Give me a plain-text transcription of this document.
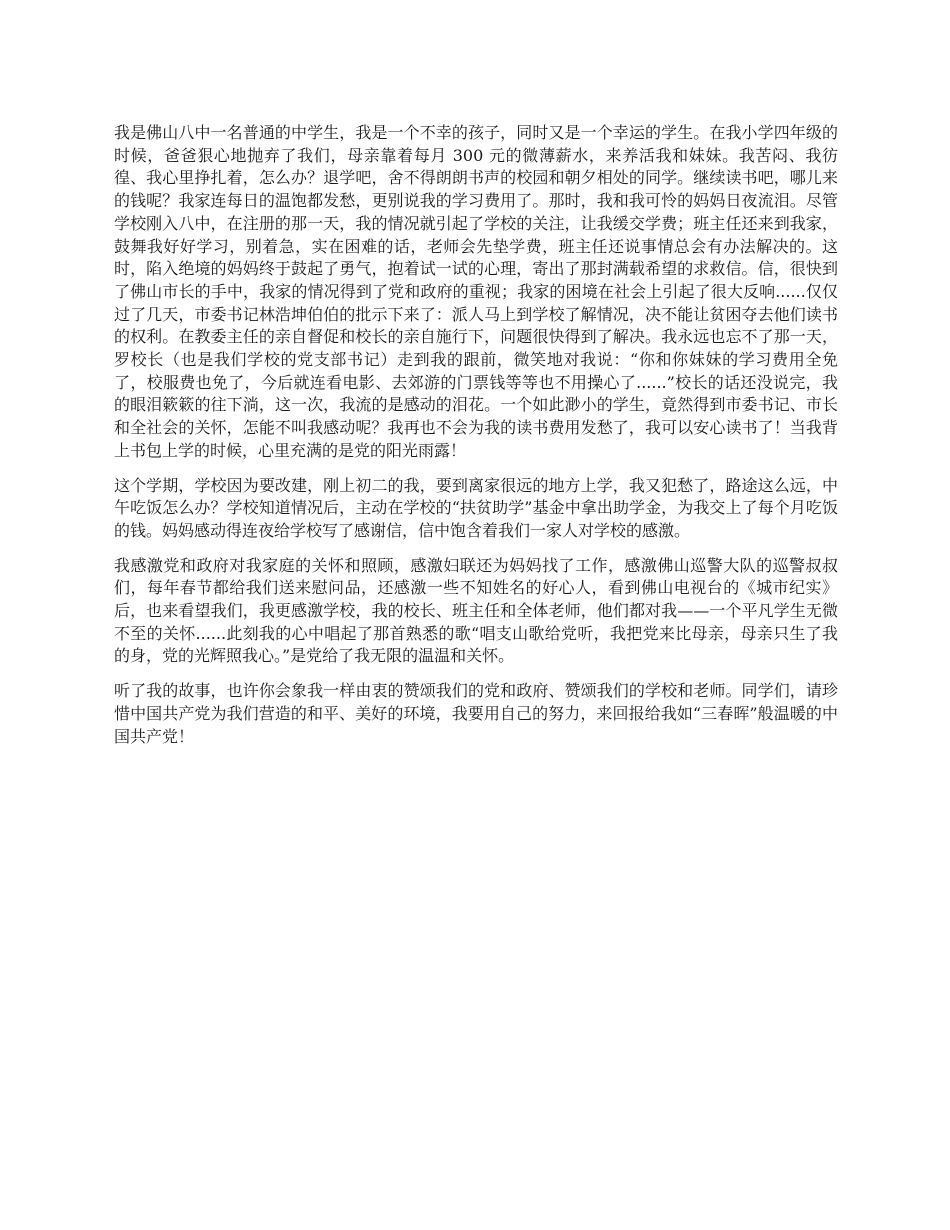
我是佛山八中一名普通的中学生，我是一个不幸的孩子，同时又是一个幸运的学生。在我小学四年级的时候，爸爸狠心地抛弃了我们，母亲靠着每月 300 元的微薄薪水，来养活我和妹妹。我苦闷、我彷徨、我心里挣扎着，怎么办？退学吧，舍不得朗朗书声的校园和朝夕相处的同学。继续读书吧，哪儿来的钱呢？我家连每日的温饱都发愁，更别说我的学习费用了。那时，我和我可怜的妈妈日夜流泪。尽管学校刚入八中，在注册的那一天，我的情况就引起了学校的关注，让我缓交学费；班主任还来到我家，鼓舞我好好学习，别着急，实在困难的话，老师会先垫学费，班主任还说事情总会有办法解决的。这时，陷入绝境的妈妈终于鼓起了勇气，抱着试一试的心理，寄出了那封满载希望的求救信。信，很快到了佛山市长的手中，我家的情况得到了党和政府的重视；我家的困境在社会上引起了很大反响......仅仅过了几天，市委书记林浩坤伯伯的批示下来了：派人马上到学校了解情况，决不能让贫困夺去他们读书的权利。在教委主任的亲自督促和校长的亲自施行下，问题很快得到了解决。我永远也忘不了那一天，罗校长（也是我们学校的党支部书记）走到我的跟前，微笑地对我说：“你和你妹妹的学习费用全免了，校服费也免了，今后就连看电影、去郊游的门票钱等等也不用操心了......”校长的话还没说完，我的眼泪簌簌的往下淌，这一次，我流的是感动的泪花。一个如此渺小的学生，竟然得到市委书记、市长和全社会的关怀，怎能不叫我感动呢？我再也不会为我的读书费用发愁了，我可以安心读书了！当我背上书包上学的时候，心里充满的是党的阳光雨露！

这个学期，学校因为要改建，刚上初二的我，要到离家很远的地方上学，我又犯愁了，路途这么远，中午吃饭怎么办？学校知道情况后，主动在学校的“扶贫助学”基金中拿出助学金，为我交上了每个月吃饭的钱。妈妈感动得连夜给学校写了感谢信，信中饱含着我们一家人对学校的感激。

我感激党和政府对我家庭的关怀和照顾，感激妇联还为妈妈找了工作，感激佛山巡警大队的巡警叔叔们，每年春节都给我们送来慰问品，还感激一些不知姓名的好心人，看到佛山电视台的《城市纪实》后，也来看望我们，我更感激学校，我的校长、班主任和全体老师，他们都对我——一个平凡学生无微不至的关怀......此刻我的心中唱起了那首熟悉的歌“唱支山歌给党听，我把党来比母亲，母亲只生了我的身，党的光辉照我心。”是党给了我无限的温温和关怀。

听了我的故事，也许你会象我一样由衷的赞颂我们的党和政府、赞颂我们的学校和老师。同学们，请珍惜中国共产党为我们营造的和平、美好的环境，我要用自己的努力，来回报给我如“三春晖”般温暖的中国共产党！
